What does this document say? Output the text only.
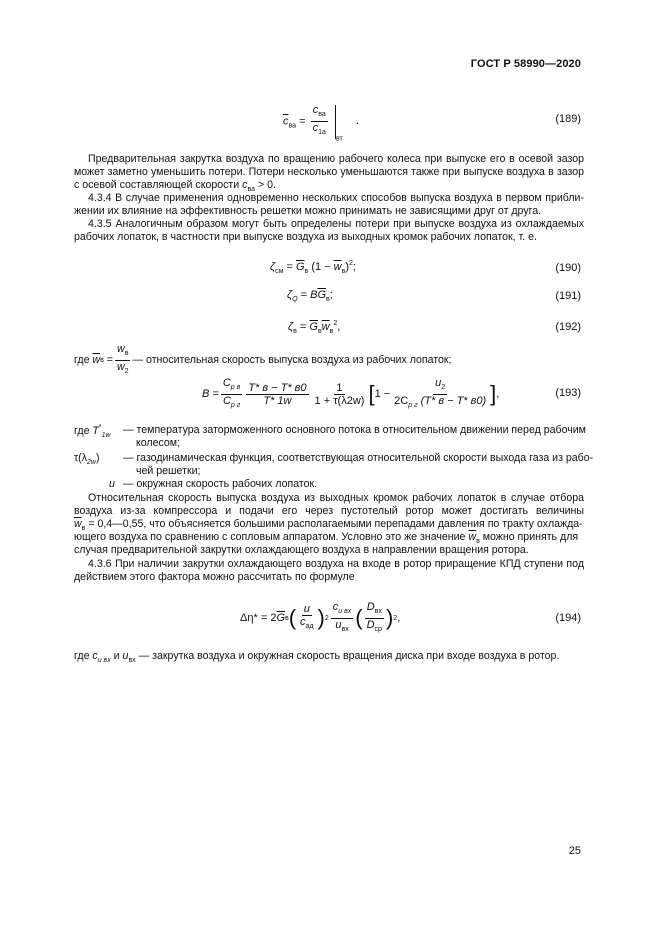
ГОСТ Р 58990—2020
$\overline{c}_{ва} = \frac{c_{ва}}{c_{1а}} _{вт}$ .	(189)
Предварительная закрутка воздуха по вращению рабочего колеса при выпуске его в осевой зазор
может заметно уменьшить потери. Потери несколько уменьшаются также при выпуске воздуха в зазор
с осевой составляющей скорости $c_{ва} > 0$.
4.3.4 В случае применения одновременно нескольких способов выпуска воздуха в первом прибли-
жении их влияние на эффективность решетки можно принимать не зависящими друг от друга.
4.3.5 Аналогичным образом могут быть определены потери при выпуске воздуха из охлаждаемых
рабочих лопаток, в частности при выпуске воздуха из выходных кромок рабочих лопаток, т. е.
$\zeta_{см} = \overline{G}_в$ $(1 - \overline{w}_в)^2$;	(190)
$\zeta_Q = B\overline{G}_в$;	(191)
$\zeta_в = \overline{G}_в\overline{w}_в^2$,	(192)
где
$\overline{w}$ $в = \frac{w_в}{w_2}$ — относительная скорость выпуска воздуха из рабочих лопаток;
B
= $\frac{C_{p в}}{C_{p г}} \frac{T* в - T* в0}{T* 1w} \frac{1}{1 + \tau(\lambda 2w)}$ [ $1 - \frac{u_2}{2C_{p г} (T* в - T* в0)}$ ] ,	(193)
где $T^*_{1w}$ — температура заторможенного основного потока в относительном движении перед рабочим
колесом;
$\tau(\lambda_{2w})$ — газодинамическая функция, соответствующая относительной скорости выхода газа из рабо-
чей решетки;
u — окружная скорость рабочих лопаток.
Относительная скорость выпуска воздуха из выходных кромок рабочих лопаток в случае отбора
воздуха из-за компрессора и подачи его через пустотелый ротор может достигать величины
$\overline{w}_в$ = 0,4—0,55, что объясняется большими располагаемыми перепадами давления по тракту охлажда-
ющего воздуха по сравнению с сопловым аппаратом. Условно это же значение $\overline{w}_в$ можно принять для
случая предварительной закрутки охлаждающего воздуха в направлении вращения ротора.
4.3.6 При наличии закрутки охлаждающего воздуха на входе в ротор приращение КПД ступени под
действием этого фактора можно рассчитать по формуле
Δη*
=
2 $\overline{G}$ в ( $\frac{u}{c_{ад}}$ ) $2 \frac{c_{u вх}}{u_{вх}}$ ( $\frac{D_{вх}}{D_{ср}}$ ) 2 ,	(194)
где $c_{u вх}$ и $u_{вх}$ — закрутка воздуха и окружная скорость вращения диска при входе воздуха в ротор.
25
